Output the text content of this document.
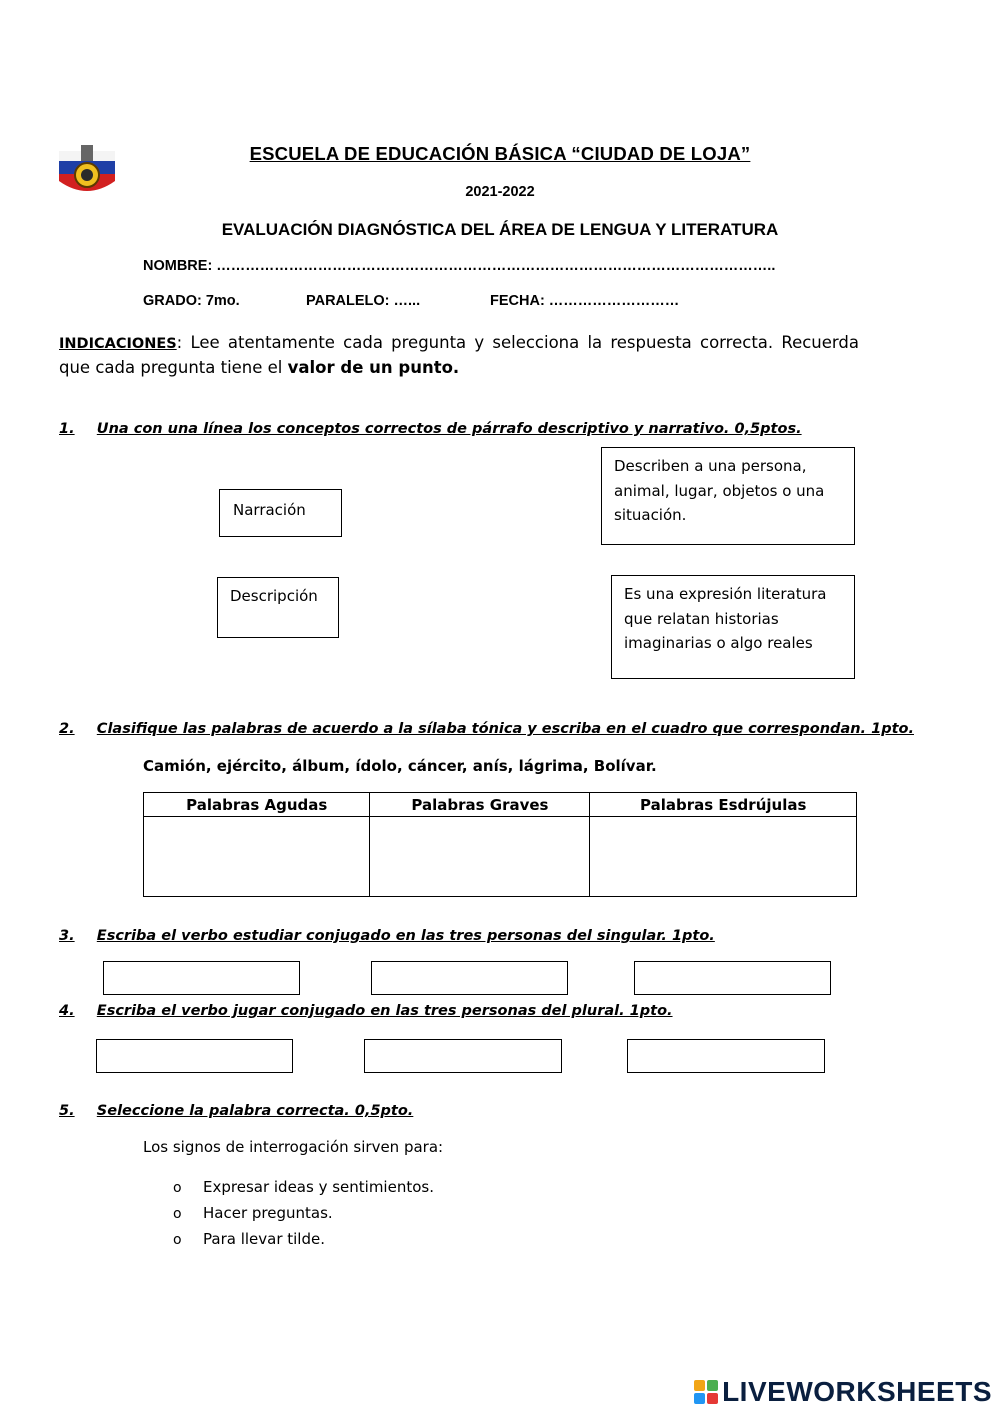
ESCUELA DE EDUCACIÓN BÁSICA “CIUDAD DE LOJA”
2021-2022
EVALUACIÓN DIAGNÓSTICA DEL ÁREA DE LENGUA Y LITERATURA
NOMBRE: ……………………………………………………………………………………………………..
GRADO: 7mo.	PARALELO: …...	FECHA: ………………………
INDICACIONES: Lee atentamente cada pregunta y selecciona la respuesta correcta. Recuerda que cada pregunta tiene el valor de un punto.
1. Una con una línea los conceptos correctos de párrafo descriptivo y narrativo. 0,5ptos.
Narración
Descripción
Describen a una persona, animal, lugar, objetos o una situación.
Es una expresión literatura que relatan historias imaginarias o algo reales
2. Clasifique las palabras de acuerdo a la sílaba tónica y escriba en el cuadro que correspondan. 1pto.
Camión, ejército, álbum, ídolo, cáncer, anís, lágrima, Bolívar.
Palabras Agudas	Palabras Graves	Palabras Esdrújulas

3. Escriba el verbo estudiar conjugado en las tres personas del singular. 1pto.
4. Escriba el verbo jugar conjugado en las tres personas del plural. 1pto.
5. Seleccione la palabra correcta. 0,5pto.
Los signos de interrogación sirven para:
o Expresar ideas y sentimientos.
o Hacer preguntas.
o Para llevar tilde.
LIVEWORKSHEETS
